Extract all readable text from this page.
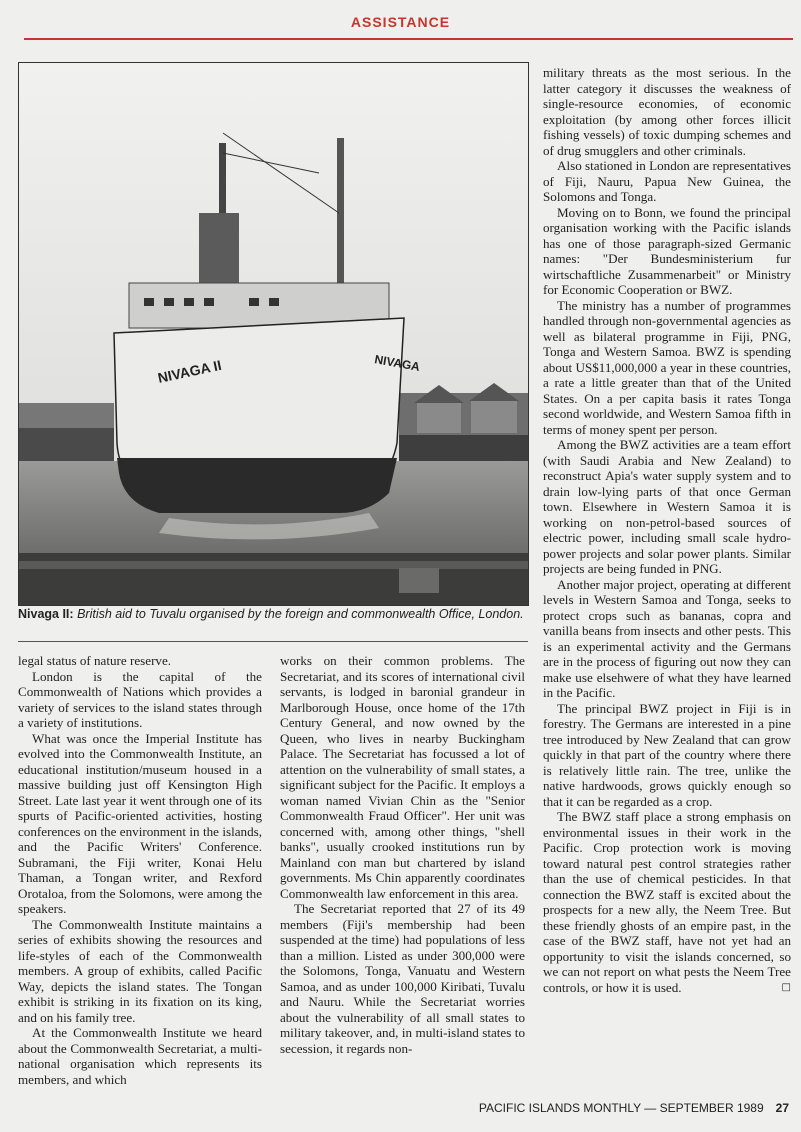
ASSISTANCE
NIVAGA II	NIVAGA
Nivaga II: British aid to Tuvalu organised by the foreign and commonwealth Office, London.

legal status of nature reserve.

London is the capital of the Commonwealth of Nations which provides a variety of services to the island states through a variety of institutions.

What was once the Imperial Institute has evolved into the Commonwealth Institute, an educational institution/museum housed in a massive building just off Kensington High Street. Late last year it went through one of its spurts of Pacific-oriented activities, hosting conferences on the environment in the islands, and the Pacific Writers' Conference. Subramani, the Fiji writer, Konai Helu Thaman, a Tongan writer, and Rexford Orotaloa, from the Solomons, were among the speakers.

The Commonwealth Institute maintains a series of exhibits showing the resources and life-styles of each of the Commonwealth members. A group of exhibits, called Pacific Way, depicts the island states. The Tongan exhibit is striking in its fixation on its king, and on his family tree.

At the Commonwealth Institute we heard about the Commonwealth Secretariat, a multi-national organisation which represents its members, and which

works on their common problems. The Secretariat, and its scores of international civil servants, is lodged in baronial grandeur in Marlborough House, once home of the 17th Century General, and now owned by the Queen, who lives in nearby Buckingham Palace. The Secretariat has focussed a lot of attention on the vulnerability of small states, a significant subject for the Pacific. It employs a woman named Vivian Chin as the "Senior Commonwealth Fraud Officer". Her unit was concerned with, among other things, "shell banks", usually crooked institutions run by Mainland con man but chartered by island governments. Ms Chin apparently coordinates Commonwealth law enforcement in this area.

The Secretariat reported that 27 of its 49 members (Fiji's membership had been suspended at the time) had populations of less than a million. Listed as under 300,000 were the Solomons, Tonga, Vanuatu and Western Samoa, and as under 100,000 Kiribati, Tuvalu and Nauru. While the Secretariat worries about the vulnerability of all small states to military takeover, and, in multi-island states to secession, it regards non-

military threats as the most serious. In the latter category it discusses the weakness of single-resource economies, of economic exploitation (by among other forces illicit fishing vessels) of toxic dumping schemes and of drug smugglers and other criminals.

Also stationed in London are representatives of Fiji, Nauru, Papua New Guinea, the Solomons and Tonga.

Moving on to Bonn, we found the principal organisation working with the Pacific islands has one of those paragraph-sized Germanic names: "Der Bundesministerium fur wirtschaftliche Zusammenarbeit" or Ministry for Economic Cooperation or BWZ.

The ministry has a number of programmes handled through non-governmental agencies as well as bilateral programme in Fiji, PNG, Tonga and Western Samoa. BWZ is spending about US$11,000,000 a year in these countries, a rate a little greater than that of the United States. On a per capita basis it rates Tonga second worldwide, and Western Samoa fifth in terms of money spent per person.

Among the BWZ activities are a team effort (with Saudi Arabia and New Zealand) to reconstruct Apia's water supply system and to drain low-lying parts of that once German town. Elsewhere in Western Samoa it is working on non-petrol-based sources of electric power, including small scale hydro-power projects and solar power plants. Similar projects are being funded in PNG.

Another major project, operating at different levels in Western Samoa and Tonga, seeks to protect crops such as bananas, copra and vanilla beans from insects and other pests. This is an experimental activity and the Germans are in the process of figuring out now they can make use elsehwere of what they have learned in the Pacific.

The principal BWZ project in Fiji is in forestry. The Germans are interested in a pine tree introduced by New Zealand that can grow quickly in that part of the country where there is relatively little rain. The tree, unlike the native hardwoods, grows quickly enough so that it can be regarded as a crop.

The BWZ staff place a strong emphasis on environmental issues in their work in the Pacific. Crop protection work is moving toward natural pest control strategies rather than the use of chemical pesticides. In that connection the BWZ staff is excited about the prospects for a new ally, the Neem Tree. But these friendly ghosts of an empire past, in the case of the BWZ staff, have not yet had an opportunity to visit the islands concerned, so we can not report on what pests the Neem Tree controls, or how it is used.	□

PACIFIC ISLANDS MONTHLY — SEPTEMBER 1989 27
